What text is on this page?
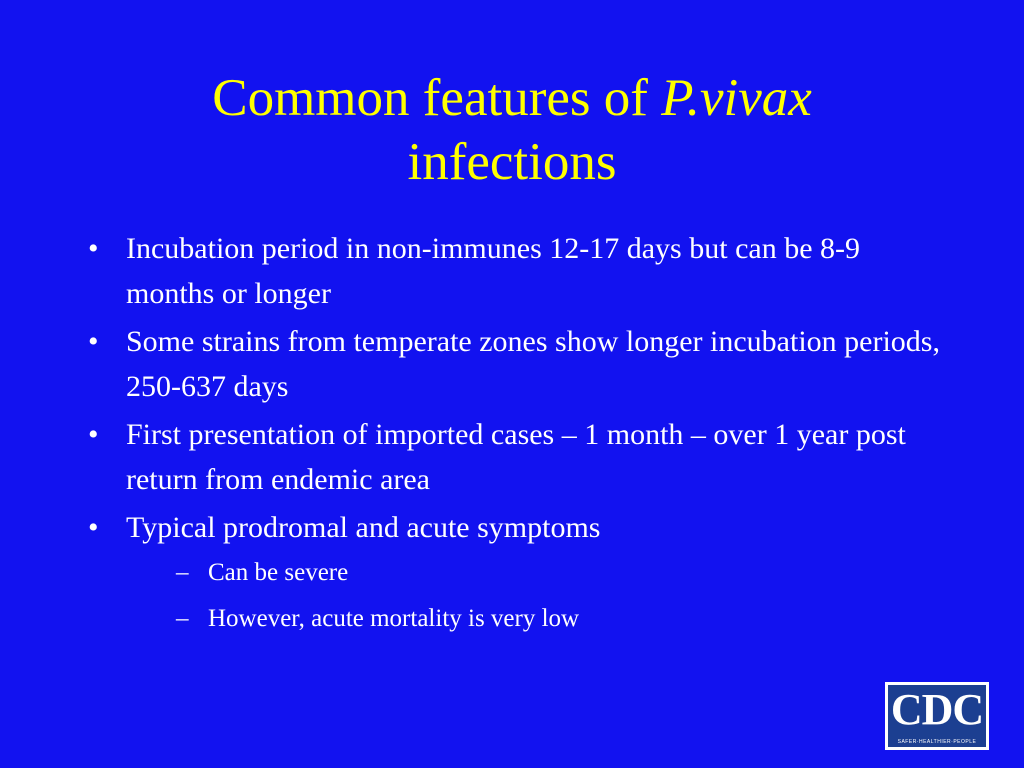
Common features of P.vivax
infections
• Incubation period in non-immunes 12-17 days but can be 8-9 months or longer
• Some strains from temperate zones show longer incubation periods, 250-637 days
• First presentation of imported cases – 1 month – over 1 year post return from endemic area
• Typical prodromal and acute symptoms
– Can be severe
– However, acute mortality is very low
CDC
SAFER·HEALTHIER·PEOPLE
